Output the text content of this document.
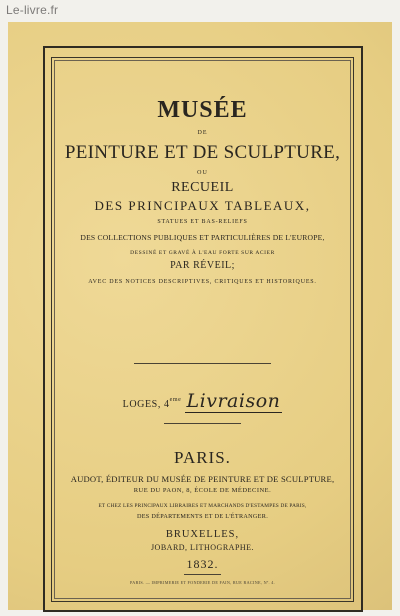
Le-livre.fr
MUSÉE
DE
PEINTURE ET DE SCULPTURE,
OU
RECUEIL
DES PRINCIPAUX TABLEAUX,
STATUES ET BAS-RELIEFS
DES COLLECTIONS PUBLIQUES ET PARTICULIÈRES DE L'EUROPE,
DESSINÉ ET GRAVÉ À L'EAU FORTE SUR ACIER
PAR RÉVEIL;
AVEC DES NOTICES DESCRIPTIVES, CRITIQUES ET HISTORIQUES.
LOGES, 4eme Livraison
PARIS.
AUDOT, ÉDITEUR DU MUSÉE DE PEINTURE ET DE SCULPTURE,
RUE DU PAON, 8, ÉCOLE DE MÉDECINE.
ET CHEZ LES PRINCIPAUX LIBRAIRES ET MARCHANDS D'ESTAMPES DE PARIS,
DES DÉPARTEMENTS ET DE L'ÉTRANGER.
BRUXELLES,
JOBARD, LITHOGRAPHE.
1832.
PARIS. — IMPRIMERIE ET FONDERIE DE FAIN, RUE RACINE, Nº. 4.
